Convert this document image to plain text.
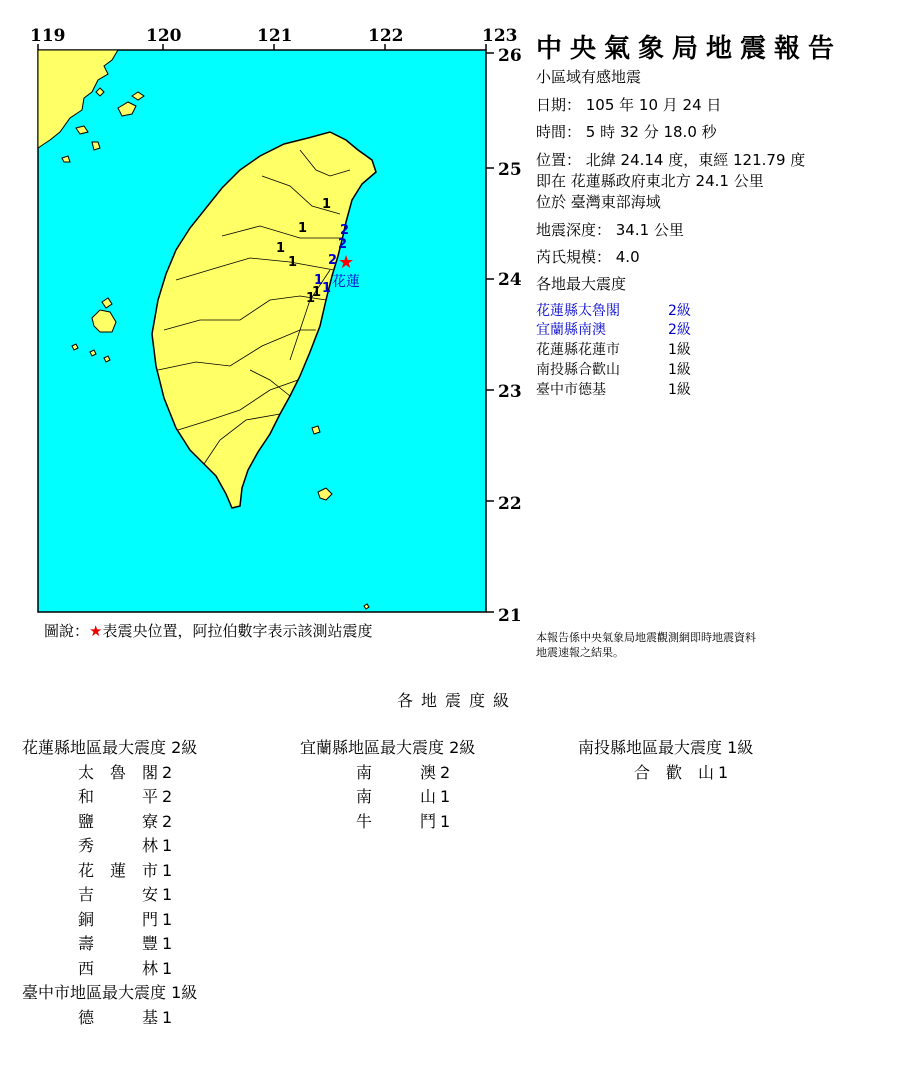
2
2
2
1
1
1
1
1
1
1
1
★
花蓮
119	120	121	122	123
26
25
24
23
22
21
中央氣象局地震報告
小區域有感地震
日期： 105 年 10 月 24 日
時間： 5 時 32 分 18.0 秒
位置： 北緯 24.14 度，東經 121.79 度
即在 花蓮縣政府東北方 24.1 公里
位於 臺灣東部海域
地震深度： 34.1 公里
芮氏規模： 4.0
各地最大震度
花蓮縣太魯閣	2級
宜蘭縣南澳	2級
花蓮縣花蓮市	1級
南投縣合歡山	1級
臺中市德基	1級
圖說：★表震央位置，阿拉伯數字表示該測站震度	本報告係中央氣象局地震觀測網即時地震資料
地震速報之結果。
各地震度級
花蓮縣地區最大震度 2級
太魯閣 2
和平 2
鹽寮 2
秀林 1
花蓮市 1
吉安 1
銅門 1
壽豐 1
西林 1
臺中市地區最大震度 1級
德基 1
宜蘭縣地區最大震度 2級
南澳 2
南山 1
牛鬥 1
南投縣地區最大震度 1級
合歡山 1
